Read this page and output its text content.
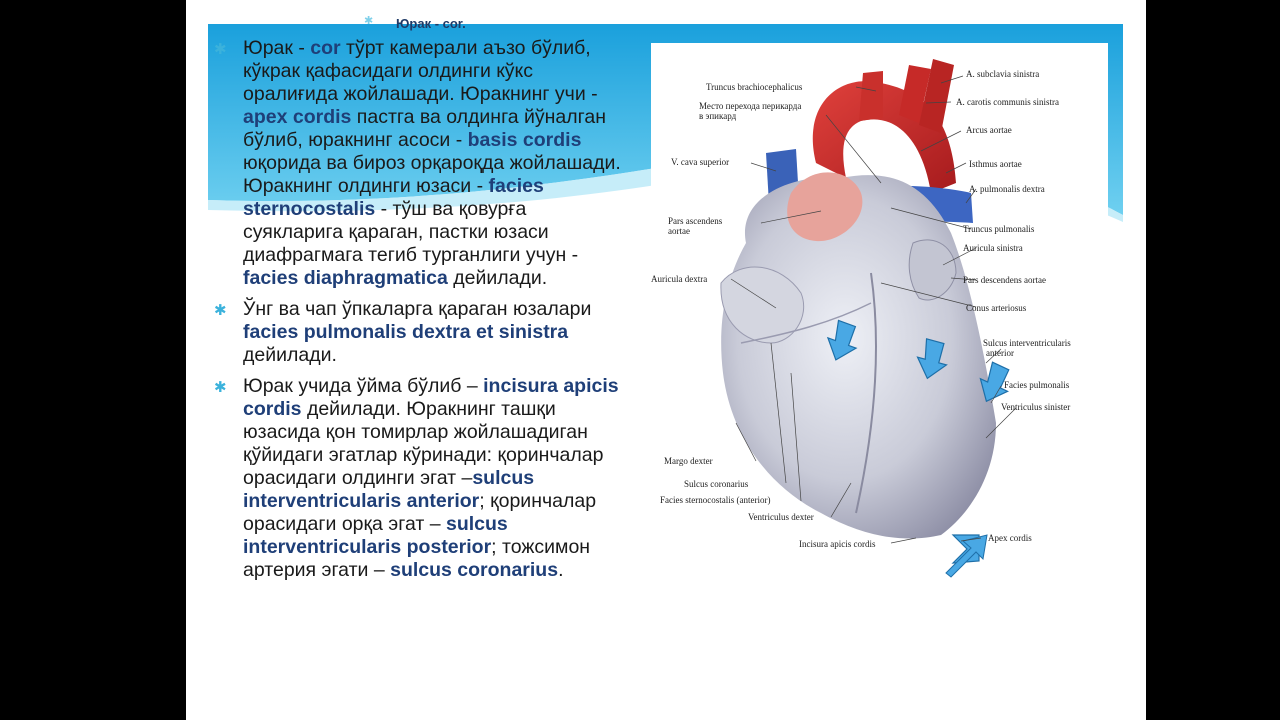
✱ Юрак - cor.
✱ Юрак - cor тўрт камерали аъзо бўлиб, кўкрак қафасидаги олдинги кўкс оралиғида жойлашади. Юракнинг учи - apex cordis пастга ва олдинга йўналган бўлиб, юракнинг асоси - basis cordis юқорида ва бироз орқароқда жойлашади. Юракнинг олдинги юзаси - facies sternocostalis - тўш ва қовурға суякларига қараган, пастки юзаси диафрагмага тегиб турганлиги учун - facies diaphragmatica дейилади.
✱ Ўнг ва чап ўпкаларга қараган юзалари facies pulmonalis dextra et sinistra дейилади.
✱ Юрак учида ўйма бўлиб – incisura apicis cordis дейилади. Юракнинг ташқи юзасида қон томирлар жойлашадиган қўйидаги эгатлар кўринади: қоринчалар орасидаги олдинги эгат –sulcus interventricularis anterior; қоринчалар орасидаги орқа эгат – sulcus interventricularis posterior; тожсимон артерия эгати – sulcus coronarius.
Truncus brachiocephalicus
A. subclavia sinistra
Место перехода перикарда
в эпикард
A. carotis communis sinistra
Arcus aortae
V. cava superior	Isthmus aortae
A. pulmonalis dextra
Pars ascendens
aortae	Truncus pulmonalis
Auricula sinistra
Auricula dextra	Pars descendens aortae
Conus arteriosus
Sulcus interventricularis
anterior
Facies pulmonalis
Ventriculus sinister
Margo dexter
Sulcus coronarius
Facies sternocostalis (anterior)
Ventriculus dexter
Apex cordis
Incisura apicis cordis
